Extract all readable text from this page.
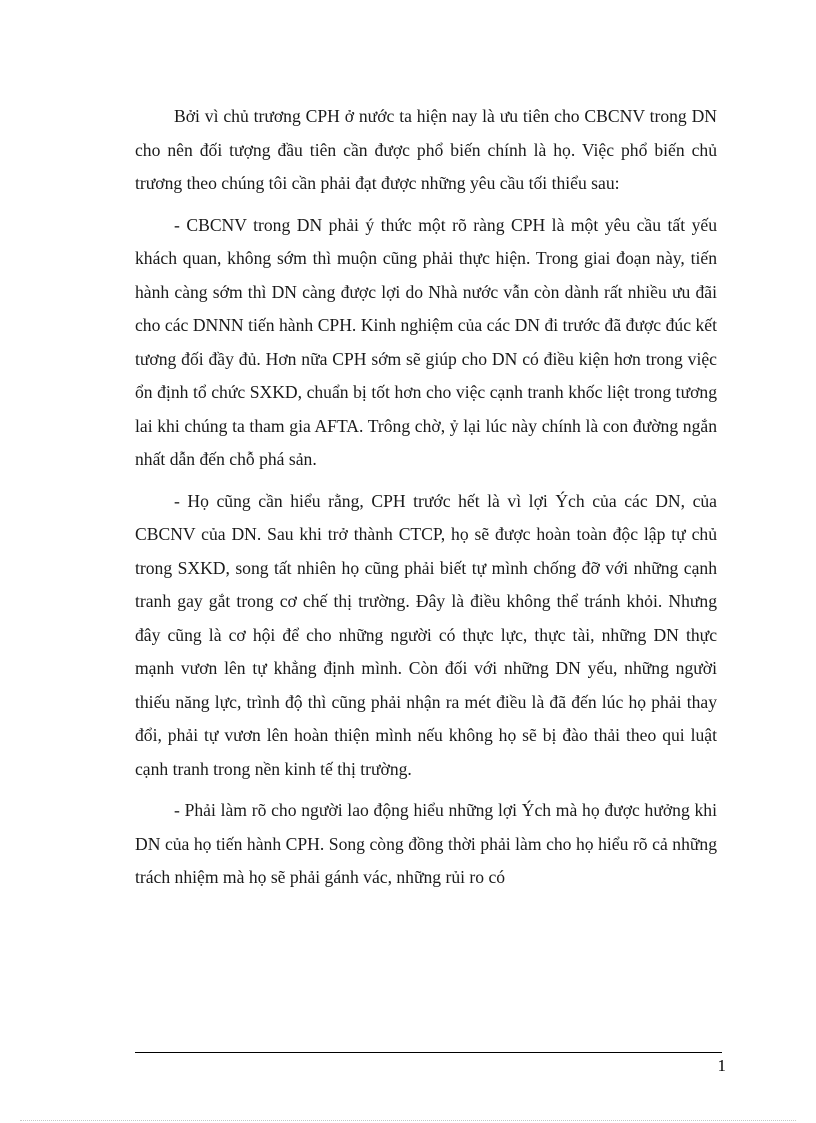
Bởi vì chủ trương CPH ở nước ta hiện nay là ưu tiên cho CBCNV trong DN cho nên đối tượng đầu tiên cần được phổ biến chính là họ. Việc phổ biến chủ trương theo chúng tôi cần phải đạt được những yêu cầu tối thiểu sau:

- CBCNV trong DN phải ý thức một rõ ràng CPH là một yêu cầu tất yếu khách quan, không sớm thì muộn cũng phải thực hiện. Trong giai đoạn này, tiến hành càng sớm thì DN càng được lợi do Nhà nước vẫn còn dành rất nhiều ưu đãi cho các DNNN tiến hành CPH. Kinh nghiệm của các DN đi trước đã được đúc kết tương đối đầy đủ. Hơn nữa CPH sớm sẽ giúp cho DN có điều kiện hơn trong việc ổn định tổ chức SXKD, chuẩn bị tốt hơn cho việc cạnh tranh khốc liệt trong tương lai khi chúng ta tham gia AFTA. Trông chờ, ỷ lại lúc này chính là con đường ngắn nhất dẫn đến chỗ phá sản.

- Họ cũng cần hiểu rằng, CPH trước hết là vì lợi Ých của các DN, của CBCNV của DN. Sau khi trở thành CTCP, họ sẽ được hoàn toàn độc lập tự chủ trong SXKD, song tất nhiên họ cũng phải biết tự mình chống đỡ với những cạnh tranh gay gắt trong cơ chế thị trường. Đây là điều không thể tránh khỏi. Nhưng đây cũng là cơ hội để cho những người có thực lực, thực tài, những DN thực mạnh vươn lên tự khẳng định mình. Còn đối với những DN yếu, những người thiếu năng lực, trình độ thì cũng phải nhận ra mét điều là đã đến lúc họ phải thay đổi, phải tự vươn lên hoàn thiện mình nếu không họ sẽ bị đào thải theo qui luật cạnh tranh trong nền kinh tế thị trường.

- Phải làm rõ cho người lao động hiểu những lợi Ých mà họ được hưởng khi DN của họ tiến hành CPH. Song còng đồng thời phải làm cho họ hiểu rõ cả những trách nhiệm mà họ sẽ phải gánh vác, những rủi ro có

1
